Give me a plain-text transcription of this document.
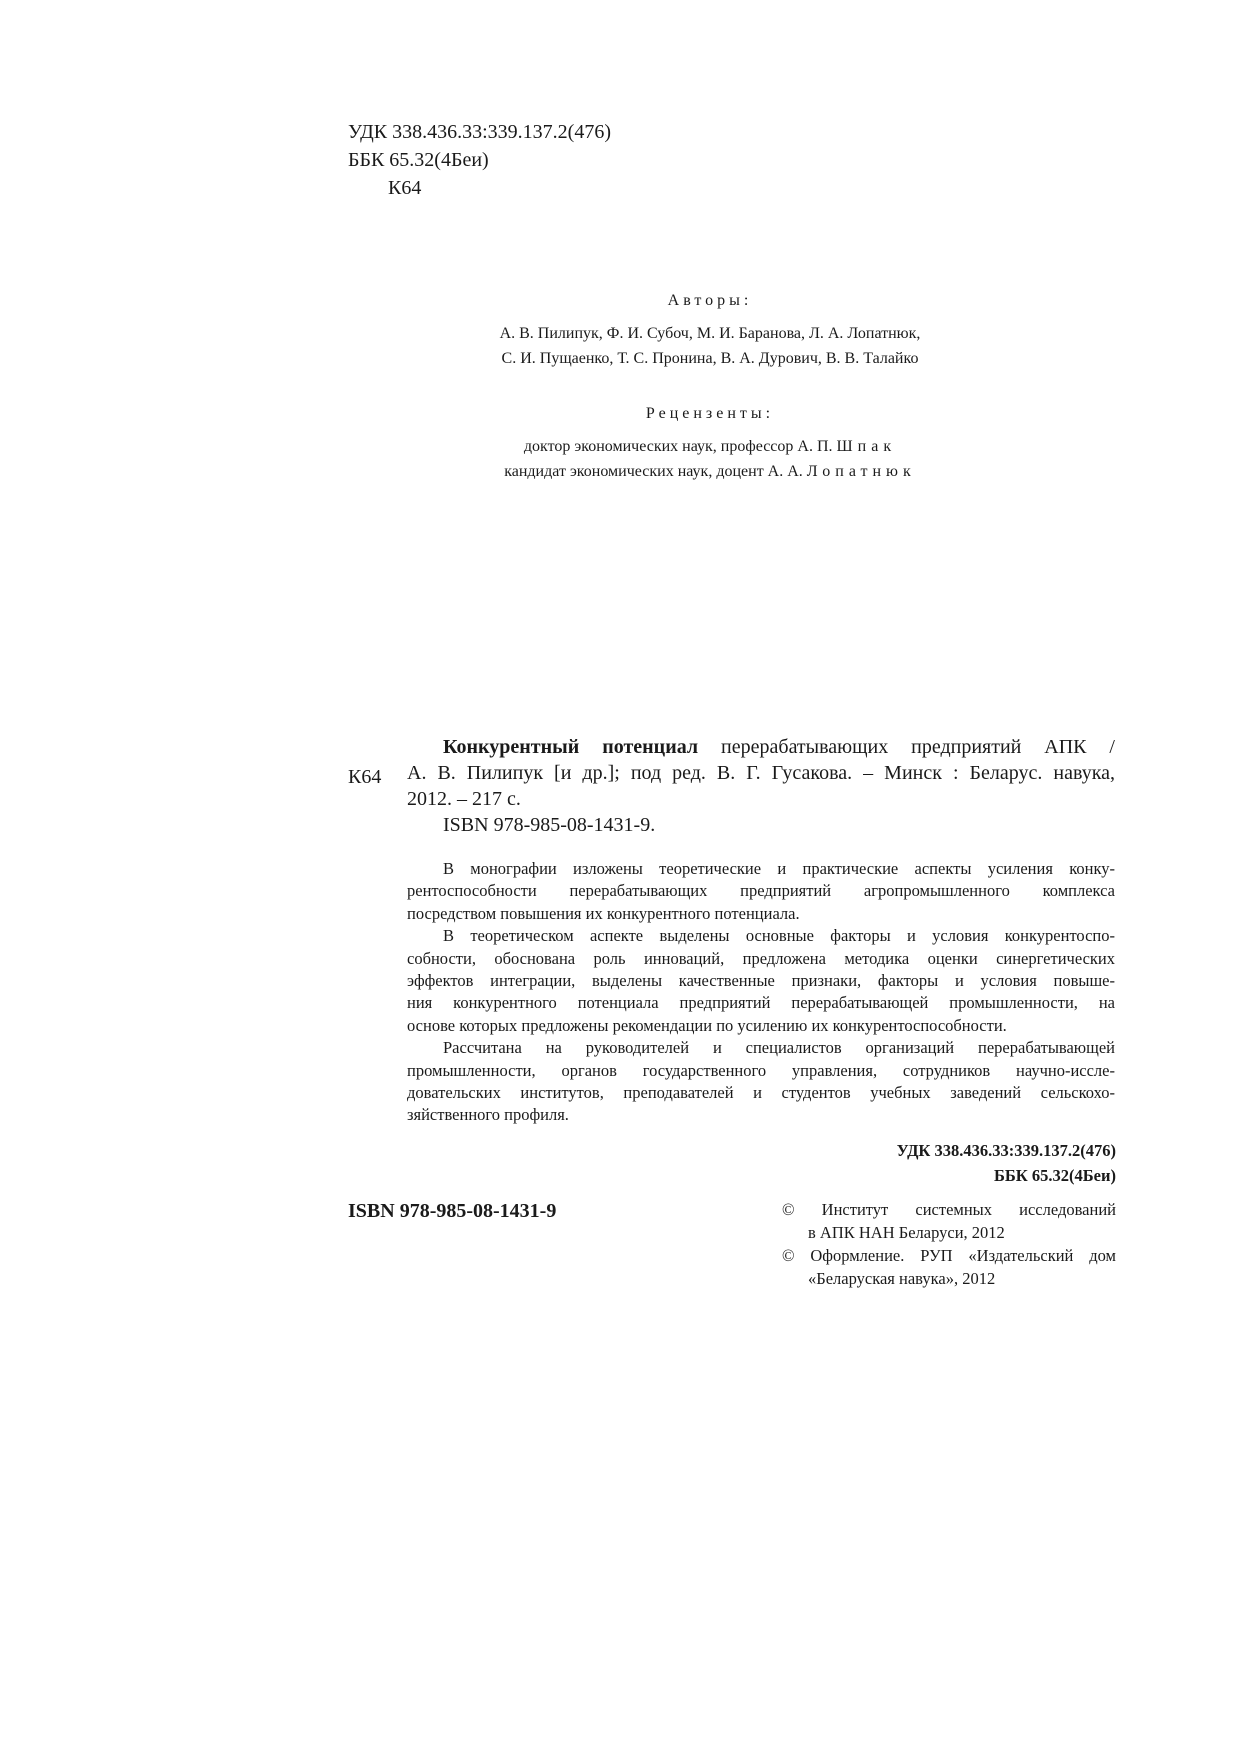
УДК 338.436.33:339.137.2(476)
ББК 65.32(4Беи)
К64
Авторы:
А. В. Пилипук, Ф. И. Субоч, М. И. Баранова, Л. А. Лопатнюк,
С. И. Пущаенко, Т. С. Пронина, В. А. Дурович, В. В. Талайко
Рецензенты:
доктор экономических наук, профессор А. П. Шпак
кандидат экономических наук, доцент А. А. Лопатнюк
К64
Конкурентный потенциал перерабатывающих предприятий АПК /
А. В. Пилипук [и др.]; под ред. В. Г. Гусакова. – Минск : Беларус. навука,
2012. – 217 с.
ISBN 978-985-08-1431-9.
В монографии изложены теоретические и практические аспекты усиления конку-
рентоспособности перерабатывающих предприятий агропромышленного комплекса
посредством повышения их конкурентного потенциала.
В теоретическом аспекте выделены основные факторы и условия конкурентоспо-
собности, обоснована роль инноваций, предложена методика оценки синергетических
эффектов интеграции, выделены качественные признаки, факторы и условия повыше-
ния конкурентного потенциала предприятий перерабатывающей промышленности, на
основе которых предложены рекомендации по усилению их конкурентоспособности.
Рассчитана на руководителей и специалистов организаций перерабатывающей
промышленности, органов государственного управления, сотрудников научно-иссле-
довательских институтов, преподавателей и студентов учебных заведений сельскохо-
зяйственного профиля.
УДК 338.436.33:339.137.2(476)
ББК 65.32(4Беи)
ISBN 978-985-08-1431-9	© Институт системных исследований
в АПК НАН Беларуси, 2012
© Оформление. РУП «Издательский дом
«Беларуская навука», 2012
